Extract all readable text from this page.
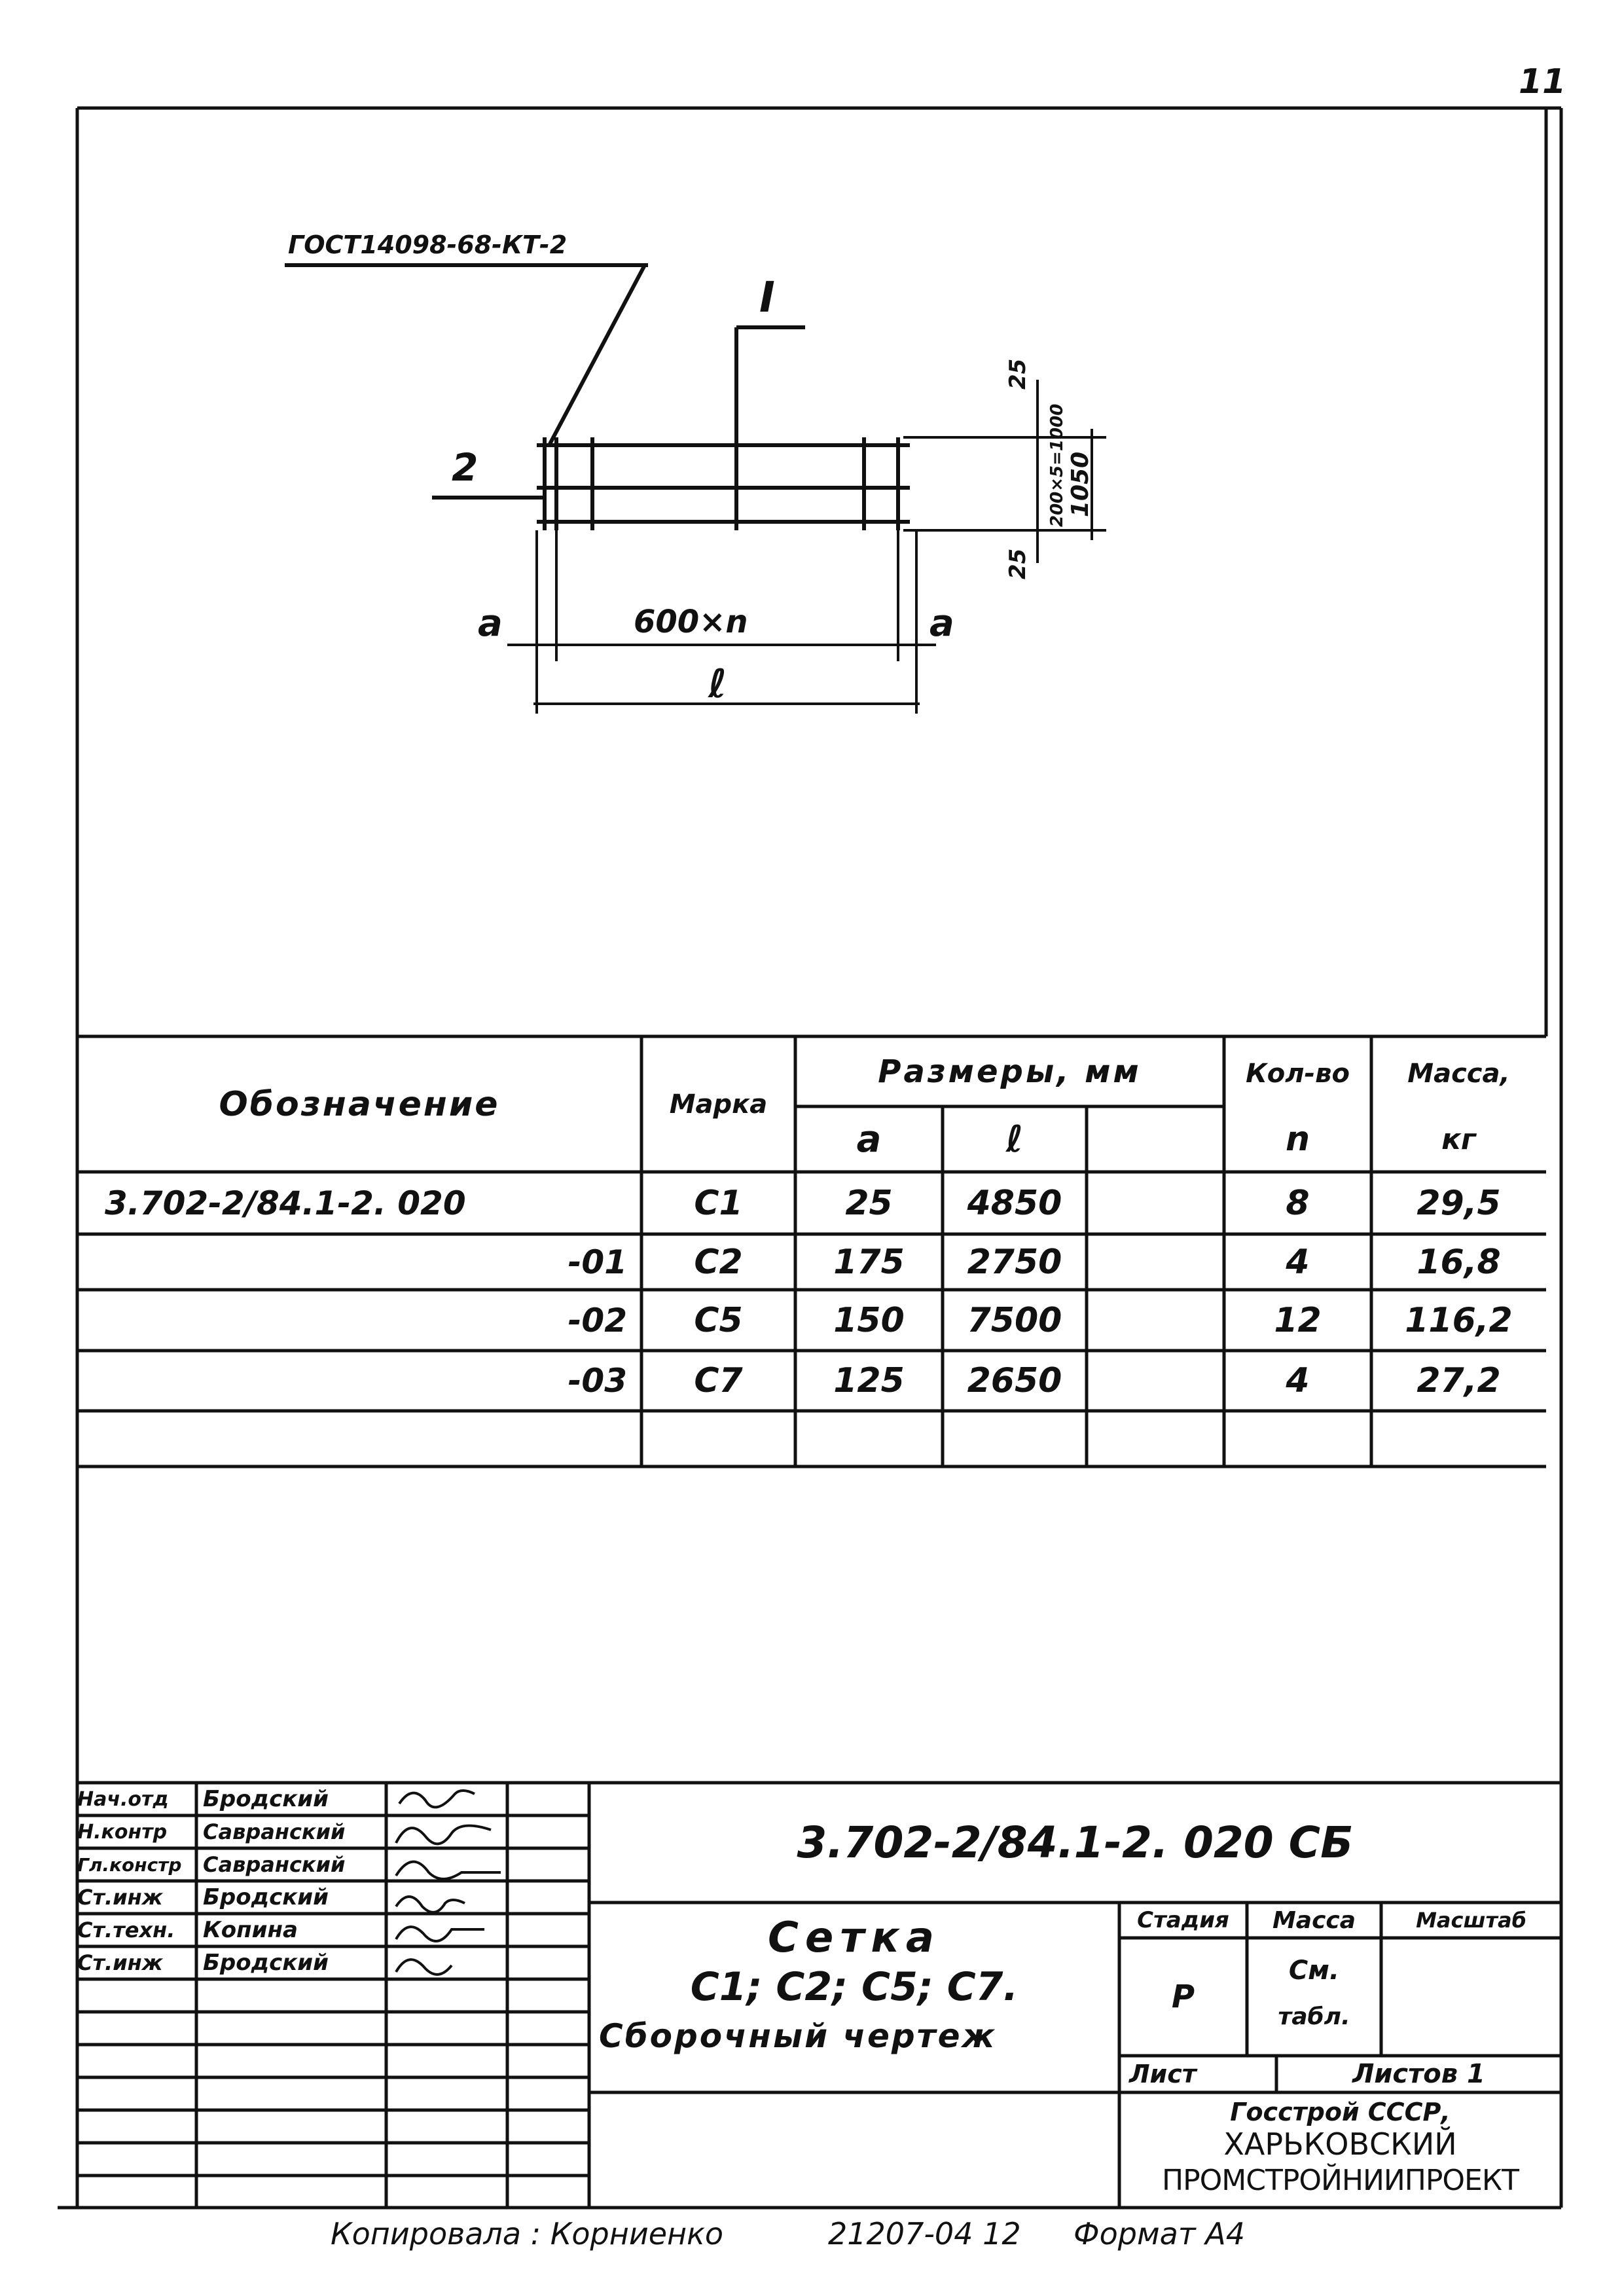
11
ГОСТ14098-68-КТ-2
I
2
600×n
ℓ
a	a
25
25
200×5=1000 1050
Обозначение	Марка
Размеры, мм
a	ℓ
Кол-во
n
Масса,
кг
3.702-2/84.1-2. 020	С1	25	4850	8	29,5
-01	С2	175	2750	4	16,8
-02	С5	150	7500	12	116,2
-03	С7	125	2650	4	27,2
Нач.отд	Бродский
Н.контр	Савранский
Гл.констр	Савранский
Ст.инж	Бродский
Ст.техн.	Копина
Ст.инж	Бродский
3.702-2/84.1-2. 020 СБ
Сетка
С1; С2; С5; С7.
Сборочный чертеж
Стадия	Масса	Масштаб
Р
См.
табл.
Лист	Листов 1
Госстрой СССР,
ХАРЬКОВСКИЙ
ПРОМСТРОЙНИИПРОЕКТ
Копировала : Корниенко	21207-04 12 Формат А4
